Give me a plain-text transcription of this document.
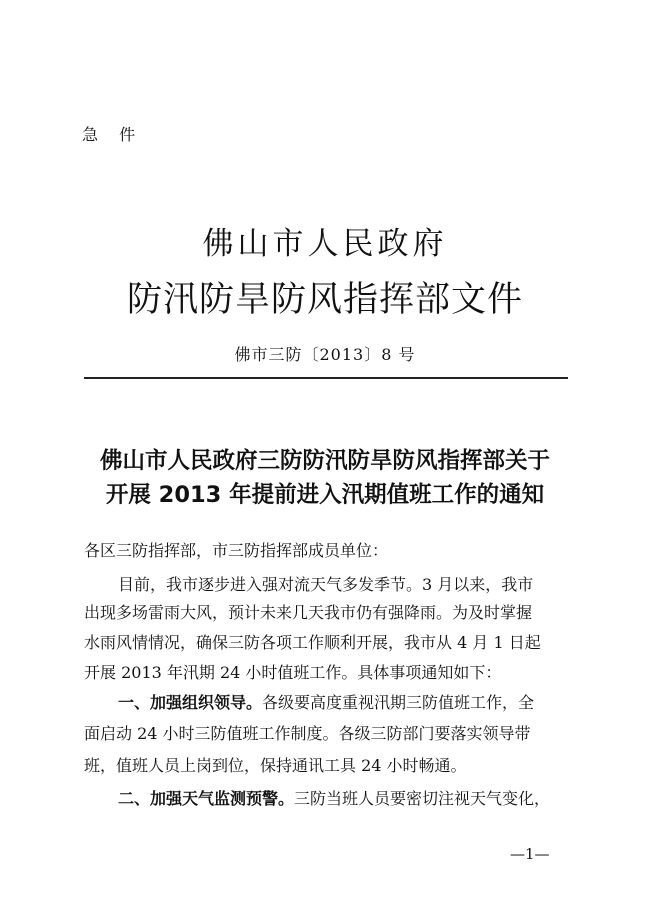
急 件
佛山市人民政府
防汛防旱防风指挥部文件
佛市三防〔2013〕8 号
佛山市人民政府三防防汛防旱防风指挥部关于
开展 2013 年提前进入汛期值班工作的通知
各区三防指挥部，市三防指挥部成员单位：
目前，我市逐步进入强对流天气多发季节。3 月以来，我市
出现多场雷雨大风，预计未来几天我市仍有强降雨。为及时掌握
水雨风情情况，确保三防各项工作顺利开展，我市从 4 月 1 日起
开展 2013 年汛期 24 小时值班工作。具体事项通知如下：
一、加强组织领导。各级要高度重视汛期三防值班工作，全
面启动 24 小时三防值班工作制度。各级三防部门要落实领导带
班，值班人员上岗到位，保持通讯工具 24 小时畅通。
二、加强天气监测预警。三防当班人员要密切注视天气变化，
—1—
